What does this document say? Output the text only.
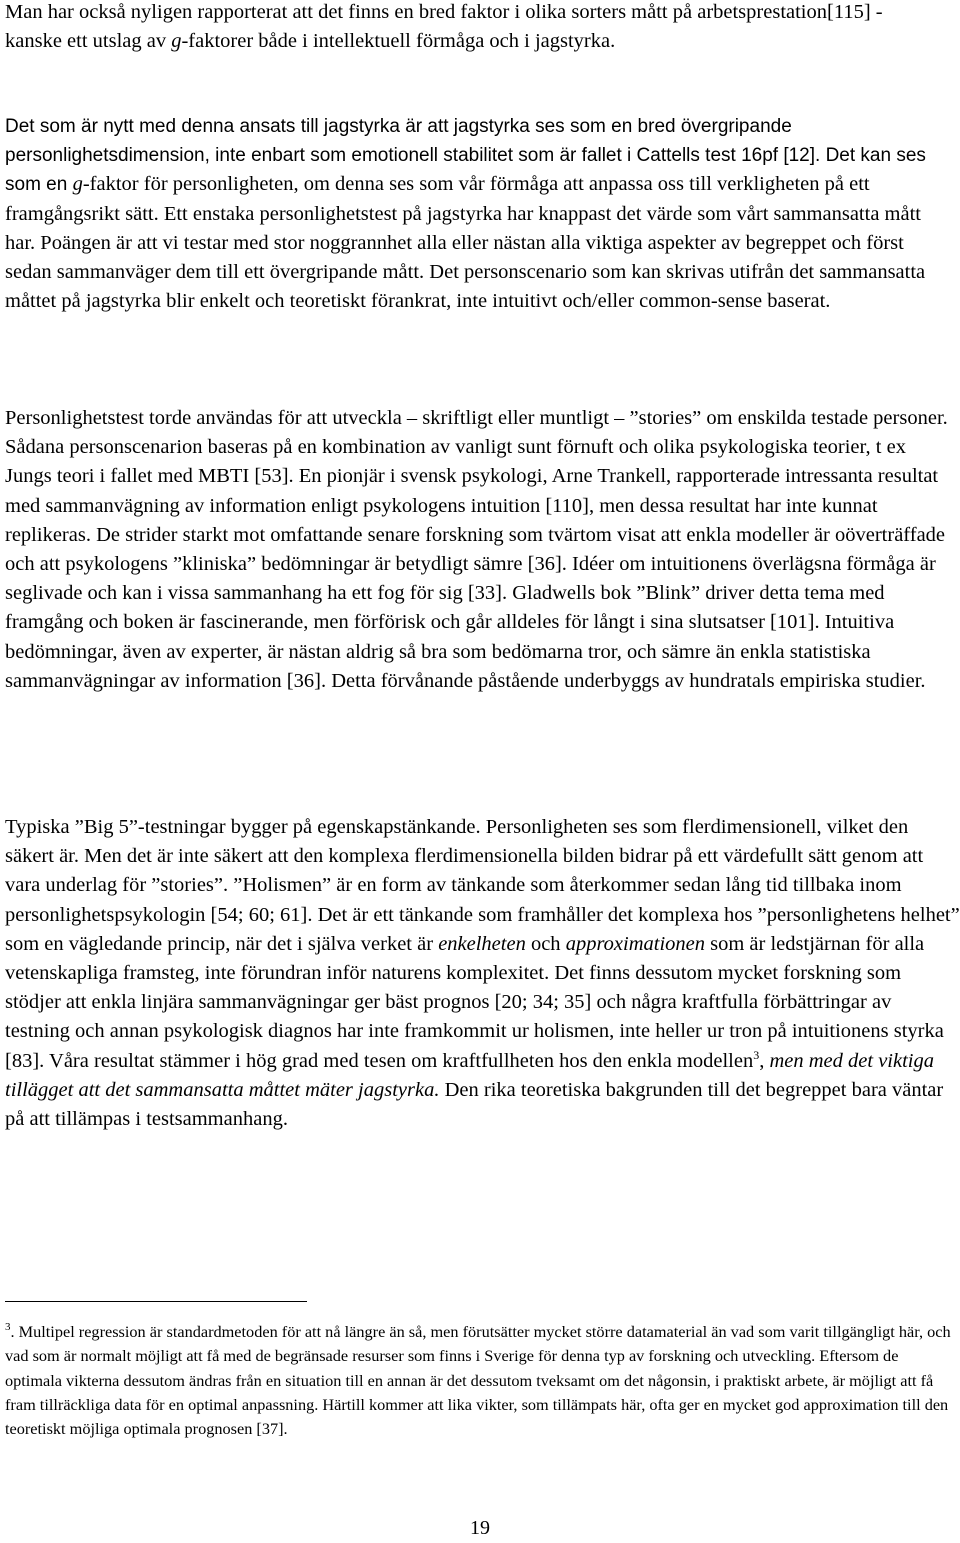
Man har också nyligen rapporterat att det finns en bred faktor i olika sorters mått på arbetsprestation[115] - kanske ett utslag av g-faktorer både i intellektuell förmåga och i jagstyrka.

Det som är nytt med denna ansats till jagstyrka är att jagstyrka ses som en bred övergripande personlighetsdimension, inte enbart som emotionell stabilitet som är fallet i Cattells test 16pf [12]. Det kan ses som en g-faktor för personligheten, om denna ses som vår förmåga att anpassa oss till verkligheten på ett framgångsrikt sätt. Ett enstaka personlighetstest på jagstyrka har knappast det värde som vårt sammansatta mått har. Poängen är att vi testar med stor noggrannhet alla eller nästan alla viktiga aspekter av begreppet och först sedan sammanväger dem till ett övergripande mått. Det personscenario som kan skrivas utifrån det sammansatta måttet på jagstyrka blir enkelt och teoretiskt förankrat, inte intuitivt och/eller common-sense baserat.

Personlighetstest torde användas för att utveckla – skriftligt eller muntligt – ”stories” om enskilda testade personer. Sådana personscenarion baseras på en kombination av vanligt sunt förnuft och olika psykologiska teorier, t ex Jungs teori i fallet med MBTI [53]. En pionjär i svensk psykologi, Arne Trankell, rapporterade intressanta resultat med sammanvägning av information enligt psykologens intuition [110], men dessa resultat har inte kunnat replikeras. De strider starkt mot omfattande senare forskning som tvärtom visat att enkla modeller är oöverträffade och att psykologens ”kliniska” bedömningar är betydligt sämre [36]. Idéer om intuitionens överlägsna förmåga är seglivade och kan i vissa sammanhang ha ett fog för sig [33]. Gladwells bok ”Blink” driver detta tema med framgång och boken är fascinerande, men förförisk och går alldeles för långt i sina slutsatser [101]. Intuitiva bedömningar, även av experter, är nästan aldrig så bra som bedömarna tror, och sämre än enkla statistiska sammanvägningar av information [36]. Detta förvånande påstående underbyggs av hundratals empiriska studier.

Typiska ”Big 5”-testningar bygger på egenskapstänkande. Personligheten ses som flerdimensionell, vilket den säkert är. Men det är inte säkert att den komplexa flerdimensionella bilden bidrar på ett värdefullt sätt genom att vara underlag för ”stories”. ”Holismen” är en form av tänkande som återkommer sedan lång tid tillbaka inom personlighetspsykologin [54; 60; 61]. Det är ett tänkande som framhåller det komplexa hos ”personlighetens helhet” som en vägledande princip, när det i själva verket är enkelheten och approximationen som är ledstjärnan för alla vetenskapliga framsteg, inte förundran inför naturens komplexitet. Det finns dessutom mycket forskning som stödjer att enkla linjära sammanvägningar ger bäst prognos [20; 34; 35] och några kraftfulla förbättringar av testning och annan psykologisk diagnos har inte framkommit ur holismen, inte heller ur tron på intuitionens styrka [83]. Våra resultat stämmer i hög grad med tesen om kraftfullheten hos den enkla modellen$^3$, men med det viktiga tillägget att det sammansatta måttet mäter jagstyrka. Den rika teoretiska bakgrunden till det begreppet bara väntar på att tillämpas i testsammanhang.

$^3$. Multipel regression är standardmetoden för att nå längre än så, men förutsätter mycket större datamaterial än vad som varit tillgängligt här, och vad som är normalt möjligt att få med de begränsade resurser som finns i Sverige för denna typ av forskning och utveckling. Eftersom de optimala vikterna dessutom ändras från en situation till en annan är det dessutom tveksamt om det någonsin, i praktiskt arbete, är möjligt att få fram tillräckliga data för en optimal anpassning. Härtill kommer att lika vikter, som tillämpats här, ofta ger en mycket god approximation till den teoretiskt möjliga optimala prognosen [37].

19
